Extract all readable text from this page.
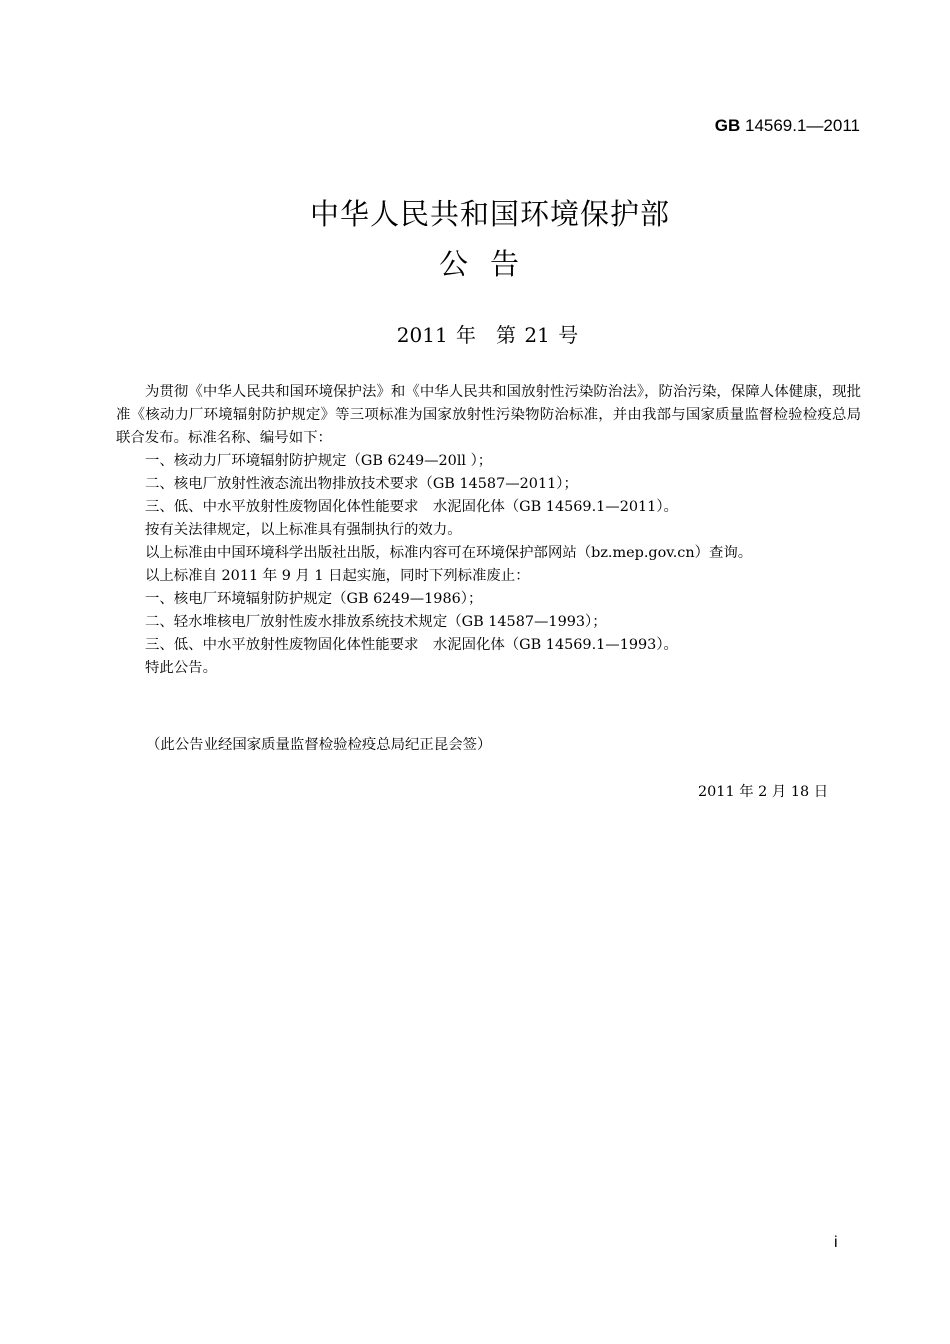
GB 14569.1—2011
中华人民共和国环境保护部
公告
2011 年　第 21 号

为贯彻《中华人民共和国环境保护法》和《中华人民共和国放射性污染防治法》，防治污染，保障人体健康，现批准《核动力厂环境辐射防护规定》等三项标准为国家放射性污染物防治标准，并由我部与国家质量监督检验检疫总局联合发布。标准名称、编号如下：

一、核动力厂环境辐射防护规定（GB 6249—20ll ）；

二、核电厂放射性液态流出物排放技术要求（GB 14587—2011）；

三、低、中水平放射性废物固化体性能要求　水泥固化体（GB 14569.1—2011）。

按有关法律规定，以上标准具有强制执行的效力。

以上标准由中国环境科学出版社出版，标准内容可在环境保护部网站（bz.mep.gov.cn）查询。

以上标准自 2011 年 9 月 1 日起实施，同时下列标准废止：

一、核电厂环境辐射防护规定（GB 6249—1986）；

二、轻水堆核电厂放射性废水排放系统技术规定（GB 14587—1993）；

三、低、中水平放射性废物固化体性能要求　水泥固化体（GB 14569.1—1993）。

特此公告。

（此公告业经国家质量监督检验检疫总局纪正昆会签）
2011 年 2 月 18 日
i
